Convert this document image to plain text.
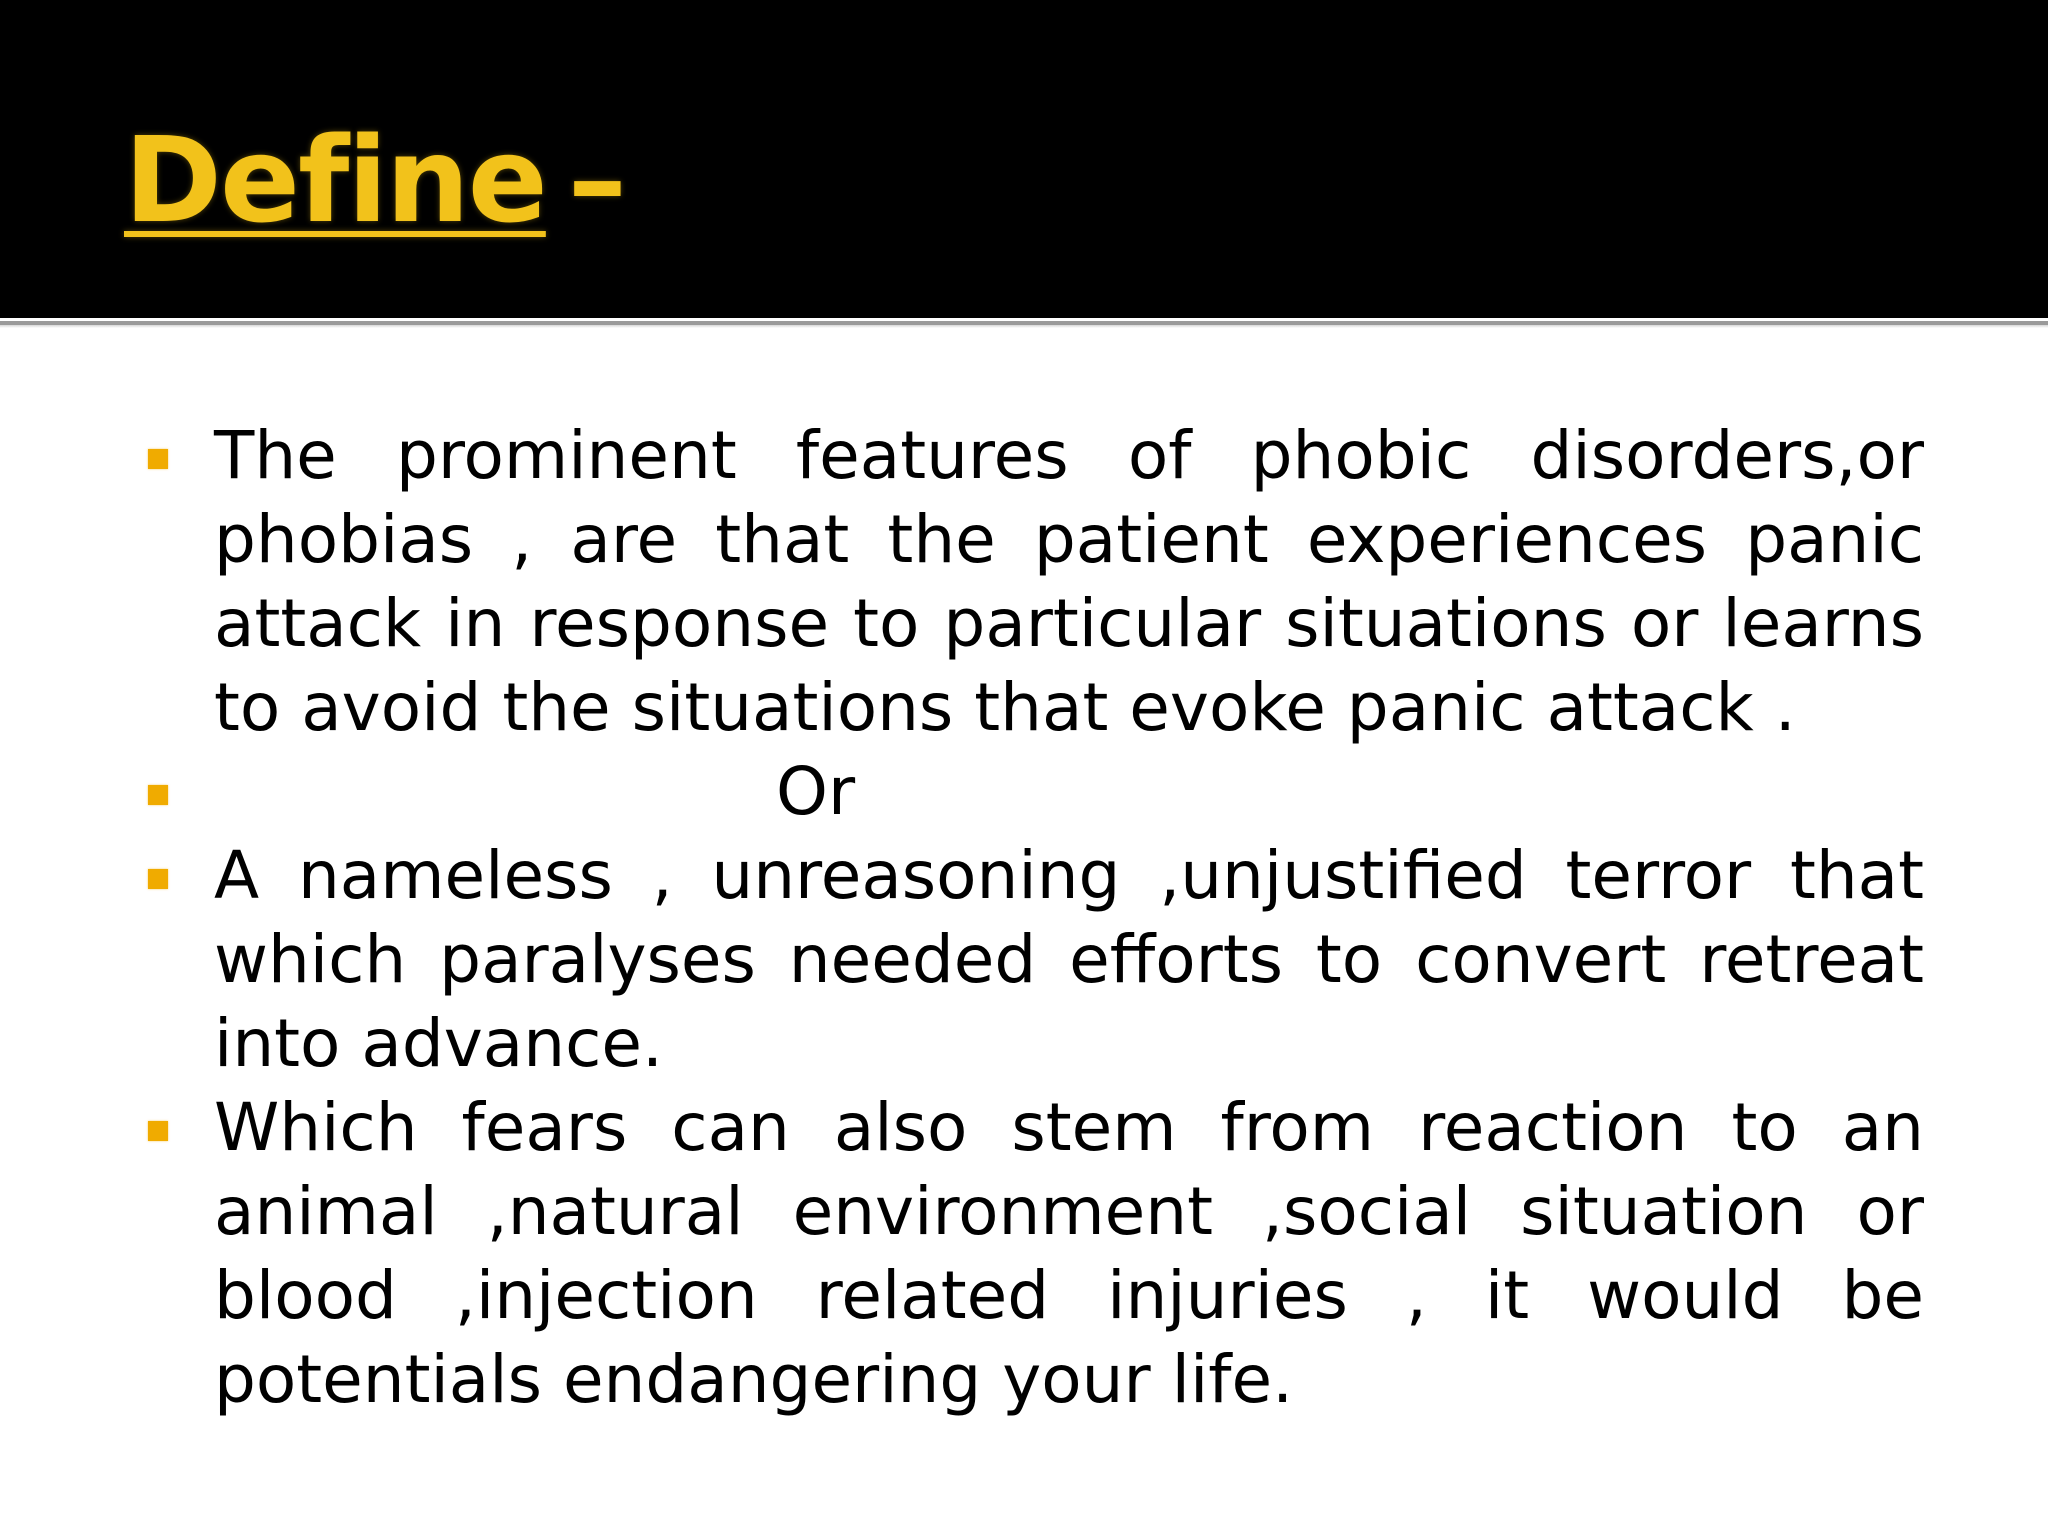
Define –
The prominent features of phobic disorders,or phobias , are that the patient experiences panic attack in response to particular situations or learns to avoid the situations that evoke panic attack .
Or
A nameless , unreasoning ,unjustified terror that which paralyses needed efforts to convert retreat into advance.
Which fears can also stem from reaction to an animal ,natural environment ,social situation or blood ,injection related injuries , it would be potentials endangering your life.
